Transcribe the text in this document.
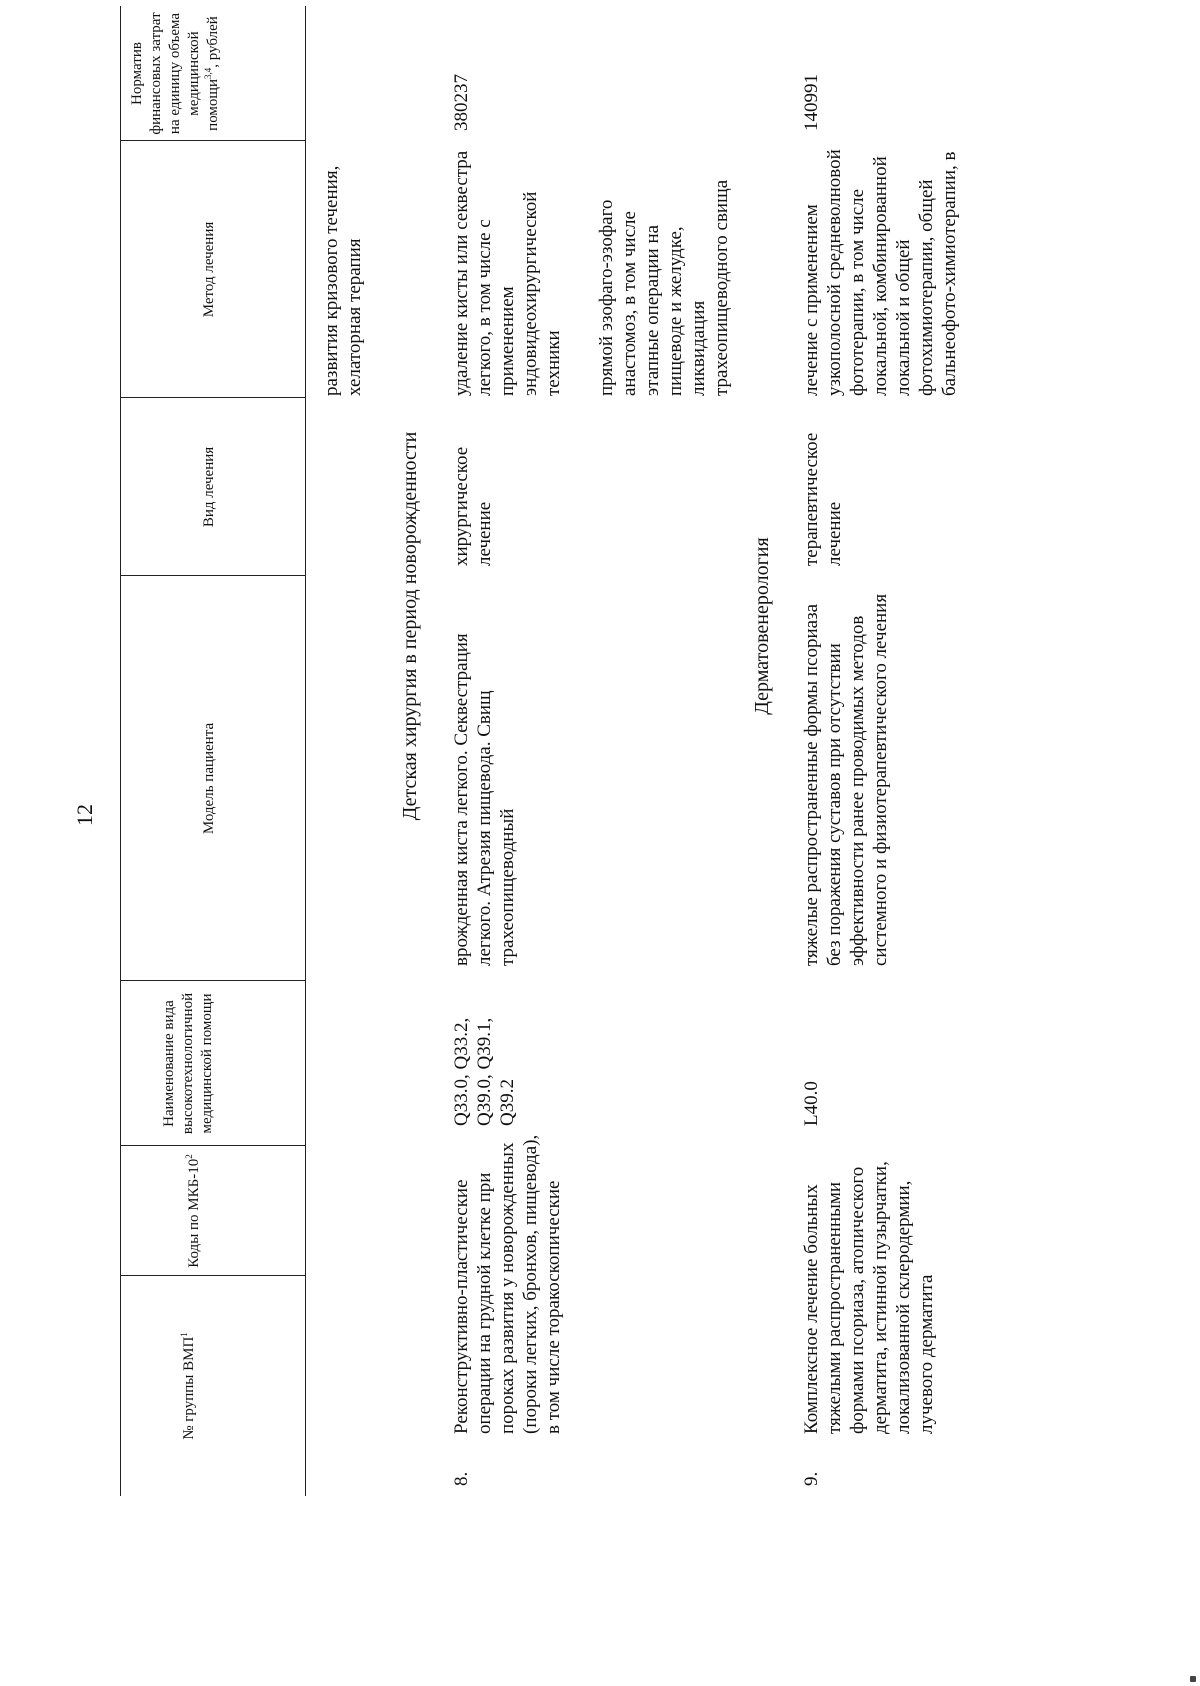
12
№ группы ВМП$^1$
Коды по МКБ-$10^2$
Наименование вида высокотехнологичной медицинской помощи
Модель пациента
Вид лечения
Метод лечения
Норматив финансовых затрат на единицу объема медицинской помощи$^{3,4}$, рублей
развития кризового течения, хелаторная терапия
Детская хирургия в период новорожденности
8.
Реконструктивно-пластические операции на грудной клетке при пороках развития у новорожденных (пороки легких, бронхов, пищевода), в том числе торакоскопические
Q33.0, Q33.2, Q39.0, Q39.1, Q39.2
врожденная киста легкого. Секвестрация легкого. Атрезия пищевода. Свищ трахеопищеводный
хирургическое лечение
удаление кисты или секвестра легкого, в том числе с применением эндовидеохирургической техники прямой эзофаго-эзофаго анастомоз, в том числе этапные операции на пищеводе и желудке, ликвидация трахеопищеводного свища
380237
Дерматовенерология
9.
Комплексное лечение больных тяжелыми распространенными формами псориаза, атопического дерматита, истинной пузырчатки, локализованной склеродермии, лучевого дерматита
L40.0
тяжелые распространенные формы псориаза без поражения суставов при отсутствии эффективности ранее проводимых методов системного и физиотерапевтического лечения
терапевтическое лечение
лечение с применением узкополосной средневолновой фототерапии, в том числе локальной, комбинированной локальной и общей фотохимиотерапии, общей бальнеофото-химиотерапии, в
140991
